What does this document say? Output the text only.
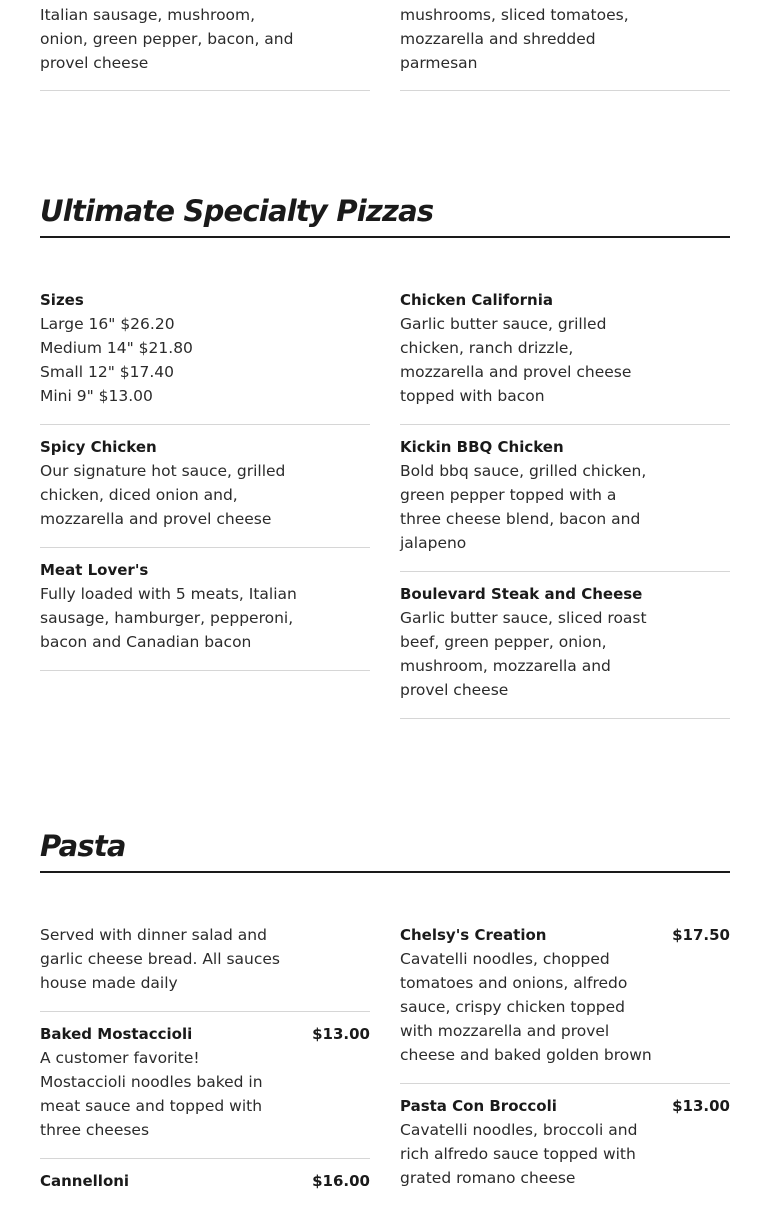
Italian sausage, mushroom,
onion, green pepper, bacon, and
provel cheese
mushrooms, sliced tomatoes,
mozzarella and shredded
parmesan
Ultimate Specialty Pizzas
Sizes
Large 16" $26.20
Medium 14" $21.80
Small 12" $17.40
Mini 9" $13.00
Spicy Chicken
Our signature hot sauce, grilled
chicken, diced onion and,
mozzarella and provel cheese
Meat Lover's
Fully loaded with 5 meats, Italian
sausage, hamburger, pepperoni,
bacon and Canadian bacon
Chicken California
Garlic butter sauce, grilled
chicken, ranch drizzle,
mozzarella and provel cheese
topped with bacon
Kickin BBQ Chicken
Bold bbq sauce, grilled chicken,
green pepper topped with a
three cheese blend, bacon and
jalapeno
Boulevard Steak and Cheese
Garlic butter sauce, sliced roast
beef, green pepper, onion,
mushroom, mozzarella and
provel cheese
Pasta
Served with dinner salad and
garlic cheese bread. All sauces
house made daily
Baked Mostaccioli	$13.00
A customer favorite!
Mostaccioli noodles baked in
meat sauce and topped with
three cheeses
Cannelloni	$16.00
Chelsy's Creation	$17.50
Cavatelli noodles, chopped
tomatoes and onions, alfredo
sauce, crispy chicken topped
with mozzarella and provel
cheese and baked golden brown
Pasta Con Broccoli	$13.00
Cavatelli noodles, broccoli and
rich alfredo sauce topped with
grated romano cheese
